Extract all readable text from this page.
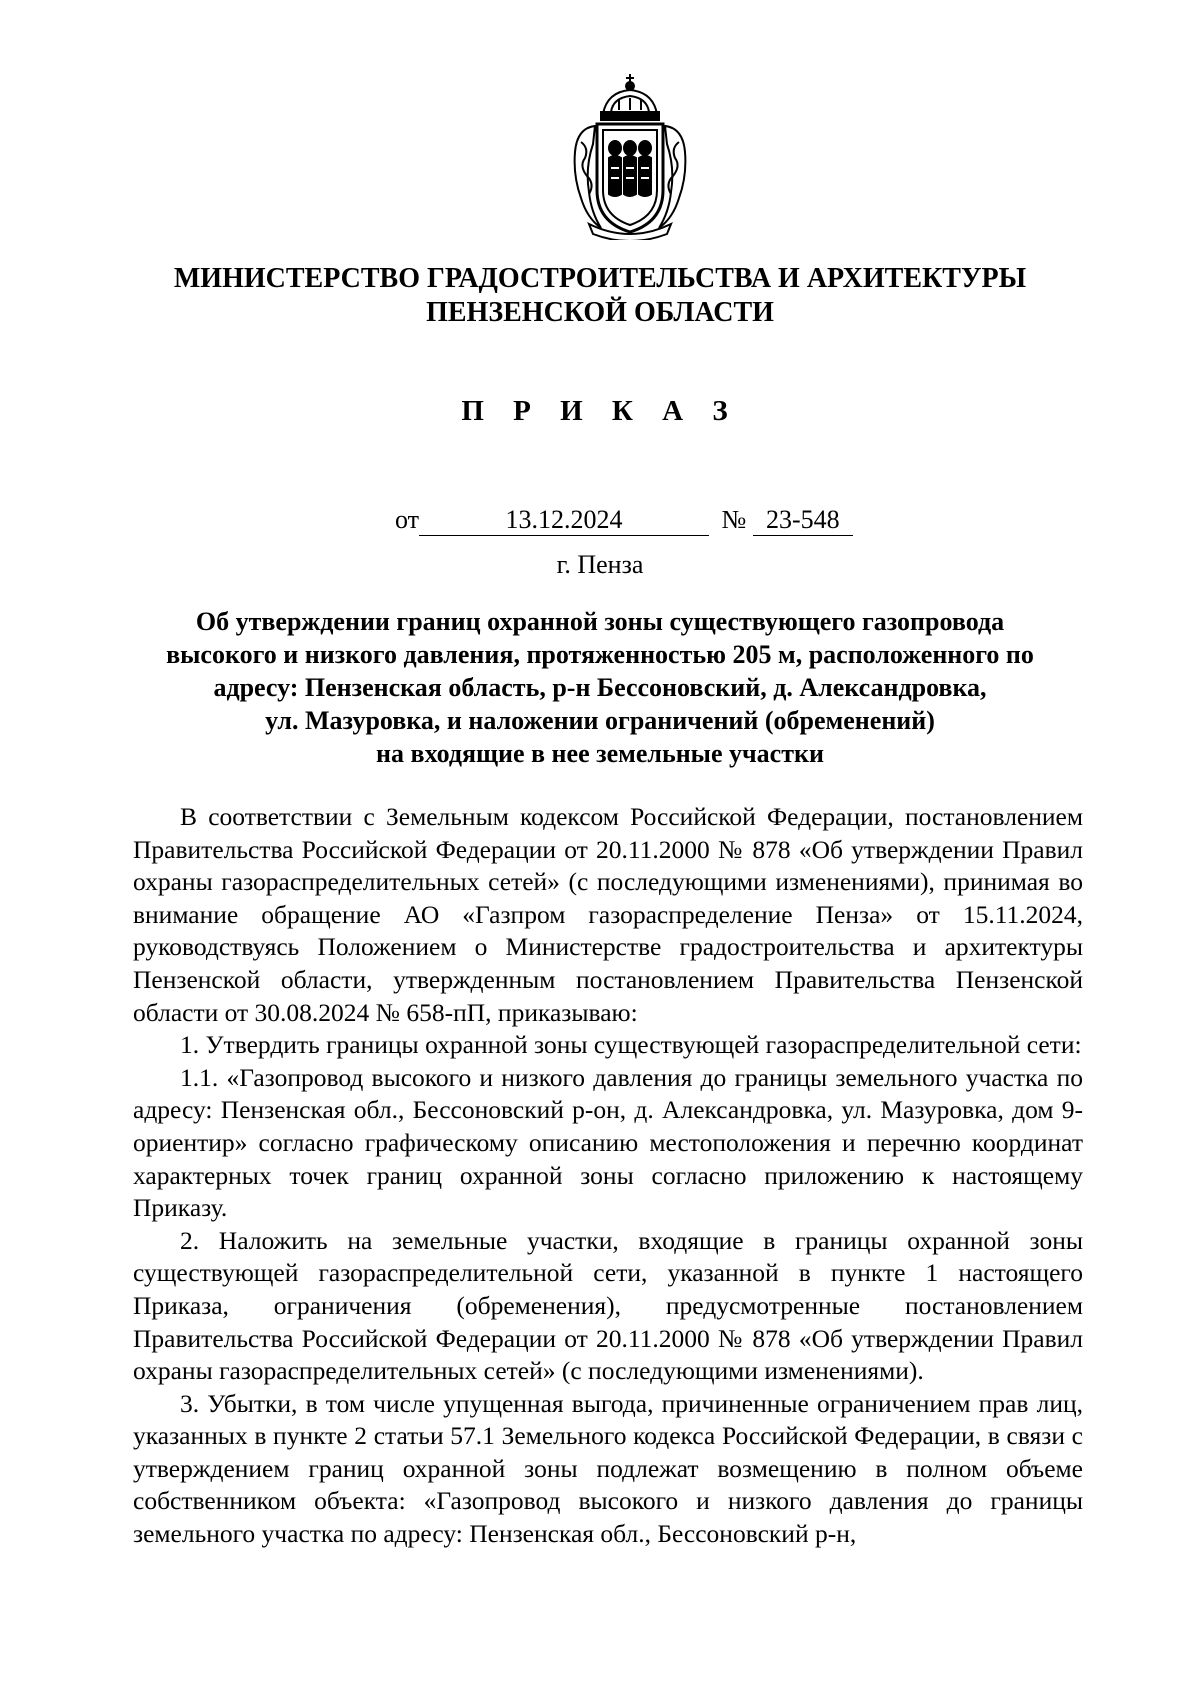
МИНИСТЕРСТВО ГРАДОСТРОИТЕЛЬСТВА И АРХИТЕКТУРЫ
ПЕНЗЕНСКОЙ ОБЛАСТИ
П Р И К А З
от	13.12.2024	№ 23-548
г. Пенза
Об утверждении границ охранной зоны существующего газопровода
высокого и низкого давления, протяженностью 205 м, расположенного по
адресу: Пензенская область, р-н Бессоновский, д. Александровка,
ул. Мазуровка, и наложении ограничений (обременений)
на входящие в нее земельные участки

В соответствии с Земельным кодексом Российской Федерации, постановлением Правительства Российской Федерации от 20.11.2000 № 878 «Об утверждении Правил охраны газораспределительных сетей» (с последующими изменениями), принимая во внимание обращение АО «Газпром газораспределение Пенза» от 15.11.2024, руководствуясь Положением о Министерстве градостроительства и архитектуры Пензенской области, утвержденным постановлением Правительства Пензенской области от 30.08.2024 № 658-пП, приказываю:

1. Утвердить границы охранной зоны существующей газораспределительной сети:

1.1. «Газопровод высокого и низкого давления до границы земельного участка по адресу: Пензенская обл., Бессоновский р-он, д. Александровка, ул. Мазуровка, дом 9-ориентир» согласно графическому описанию местоположения и перечню координат характерных точек границ охранной зоны согласно приложению к настоящему Приказу.

2. Наложить на земельные участки, входящие в границы охранной зоны существующей газораспределительной сети, указанной в пункте 1 настоящего Приказа, ограничения (обременения), предусмотренные постановлением Правительства Российской Федерации от 20.11.2000 № 878 «Об утверждении Правил охраны газораспределительных сетей» (с последующими изменениями).

3. Убытки, в том числе упущенная выгода, причиненные ограничением прав лиц, указанных в пункте 2 статьи 57.1 Земельного кодекса Российской Федерации, в связи с утверждением границ охранной зоны подлежат возмещению в полном объеме собственником объекта: «Газопровод высокого и низкого давления до границы земельного участка по адресу: Пензенская обл., Бессоновский р-н,
